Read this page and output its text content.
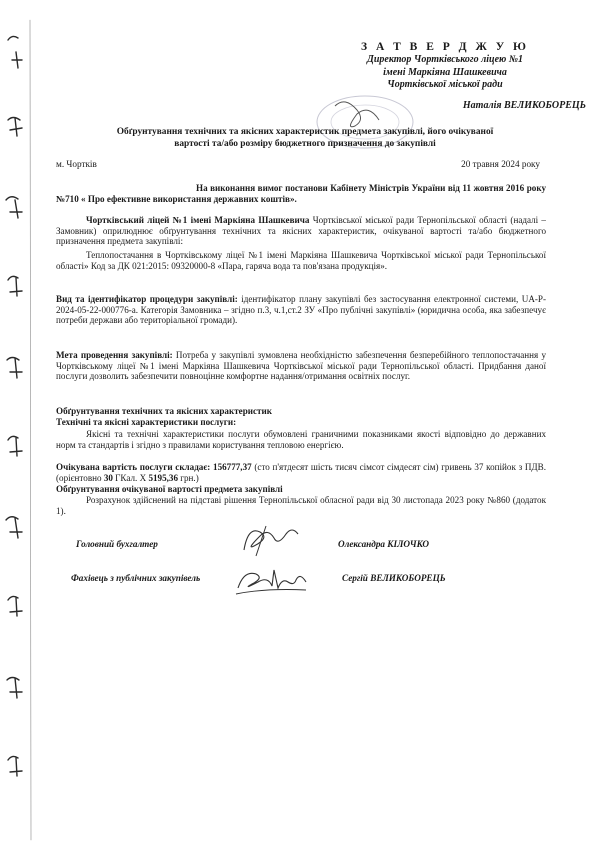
З А Т В Е Р Д Ж У Ю
Директор Чортківського ліцею №1
імені Маркіяна Шашкевича
Чортківської міської ради
Наталія ВЕЛИКОБОРЕЦЬ
Обґрунтування технічних та якісних характеристик предмета закупівлі, його очікуваної
вартості та/або розміру бюджетного призначення до закупівлі
м. Чортків	20 травня 2024 року
На виконання вимог постанови Кабінету Міністрів України від 11 жовтня 2016 року №710 « Про ефективне використання державних коштів».
Чортківський ліцей №1 імені Маркіяна Шашкевича Чортківської міської ради Тернопільської області (надалі – Замовник) оприлюднює обґрунтування технічних та якісних характеристик, очікуваної вартості та/або бюджетного призначення предмета закупівлі:
Теплопостачання в Чортківському ліцеї №1 імені Маркіяна Шашкевича Чортківської міської ради Тернопільської області» Код за ДК 021:2015: 09320000-8 «Пара, гаряча вода та пов'язана продукція».
Вид та ідентифікатор процедури закупівлі: ідентифікатор плану закупівлі без застосування електронної системи, UA-P-2024-05-22-000776-a. Категорія Замовника – згідно п.3, ч.1,ст.2 ЗУ «Про публічні закупівлі» (юридична особа, яка забезпечує потреби держави або територіальної громади).
Мета проведення закупівлі: Потреба у закупівлі зумовлена необхідністю забезпечення безперебійного теплопостачання у Чортківському ліцеї №1 імені Маркіяна Шашкевича Чортківської міської ради Тернопільської області. Придбання даної послуги дозволить забезпечити повноцінне комфортне надання/отримання освітніх послуг.
Обґрунтування технічних та якісних характеристик
Технічні та якісні характеристики послуги:
Якісні та технічні характеристики послуги обумовлені граничними показниками якості відповідно до державних норм та стандартів і згідно з правилами користування тепловою енергією.
Очікувана вартість послуги складає: 156777,37 (сто п'ятдесят шість тисяч сімсот сімдесят сім) гривень 37 копійок з ПДВ. (орієнтовно 30 ГКал. Х 5195,36 грн.)
Обґрунтування очікуваної вартості предмета закупівлі
Розрахунок здійснений на підставі рішення Тернопільської обласної ради від 30 листопада 2023 року №860 (додаток 1).
Головний бухгалтер	Олександра КІЛОЧКО
Фахівець з публічних закупівель	Сергій ВЕЛИКОБОРЕЦЬ
